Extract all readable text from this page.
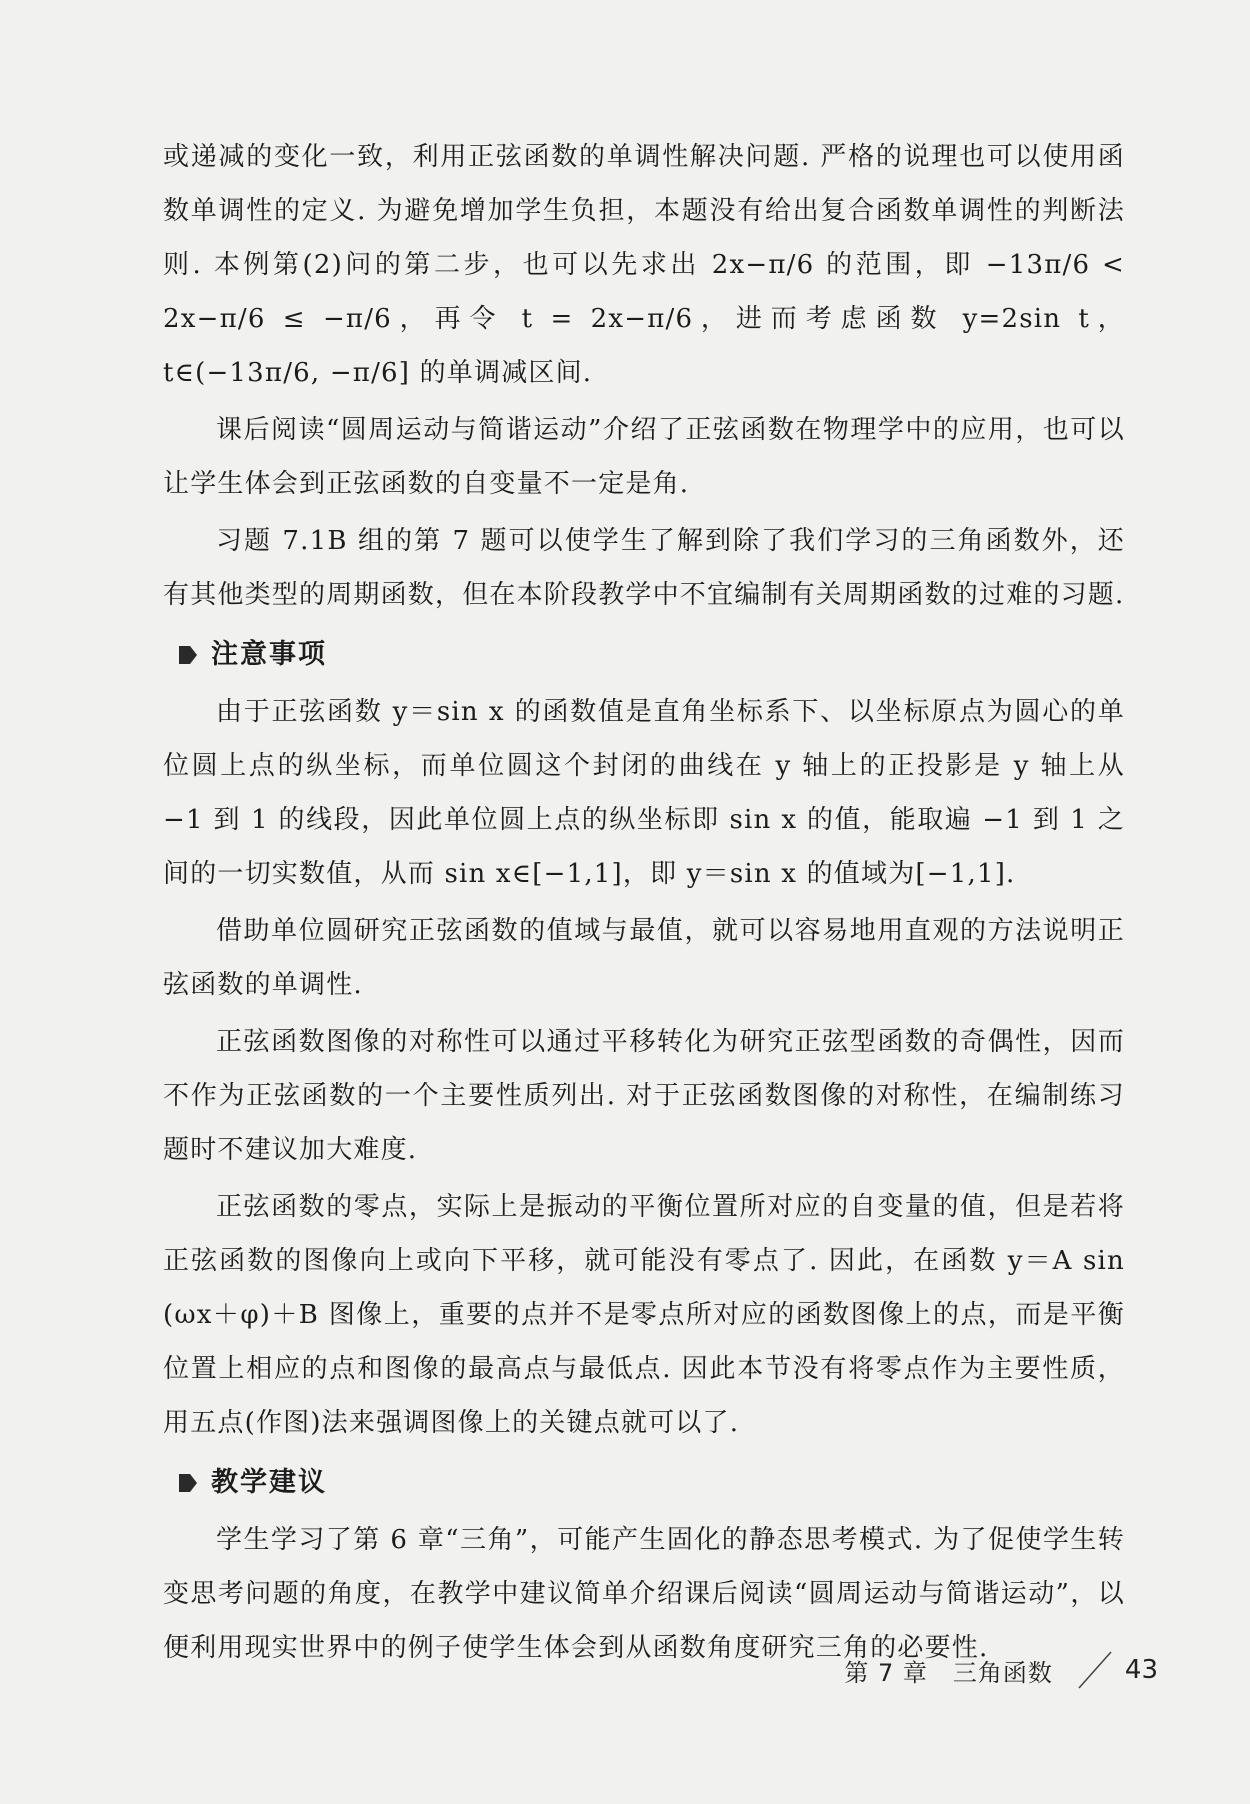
或递减的变化一致，利用正弦函数的单调性解决问题. 严格的说理也可以使用函数单调性的定义. 为避免增加学生负担，本题没有给出复合函数单调性的判断法则. 本例第(2)问的第二步，也可以先求出 2x−π/6 的范围，即 −13π/6 < 2x−π/6 ≤ −π/6，再令 t = 2x−π/6，进而考虑函数 y=2sin t，t∈(−13π/6, −π/6] 的单调减区间.

课后阅读“圆周运动与简谐运动”介绍了正弦函数在物理学中的应用，也可以让学生体会到正弦函数的自变量不一定是角.

习题 7.1B 组的第 7 题可以使学生了解到除了我们学习的三角函数外，还有其他类型的周期函数，但在本阶段教学中不宜编制有关周期函数的过难的习题.

注意事项

由于正弦函数 y＝sin x 的函数值是直角坐标系下、以坐标原点为圆心的单位圆上点的纵坐标，而单位圆这个封闭的曲线在 y 轴上的正投影是 y 轴上从 −1 到 1 的线段，因此单位圆上点的纵坐标即 sin x 的值，能取遍 −1 到 1 之间的一切实数值，从而 sin x∈[−1,1]，即 y＝sin x 的值域为[−1,1].

借助单位圆研究正弦函数的值域与最值，就可以容易地用直观的方法说明正弦函数的单调性.

正弦函数图像的对称性可以通过平移转化为研究正弦型函数的奇偶性，因而不作为正弦函数的一个主要性质列出. 对于正弦函数图像的对称性，在编制练习题时不建议加大难度.

正弦函数的零点，实际上是振动的平衡位置所对应的自变量的值，但是若将正弦函数的图像向上或向下平移，就可能没有零点了. 因此，在函数 y＝A sin (ωx＋φ)＋B 图像上，重要的点并不是零点所对应的函数图像上的点，而是平衡位置上相应的点和图像的最高点与最低点. 因此本节没有将零点作为主要性质，用五点(作图)法来强调图像上的关键点就可以了.

教学建议

学生学习了第 6 章“三角”，可能产生固化的静态思考模式. 为了促使学生转变思考问题的角度，在教学中建议简单介绍课后阅读“圆周运动与简谐运动”，以便利用现实世界中的例子使学生体会到从函数角度研究三角的必要性.

第 7 章　三角函数	43
